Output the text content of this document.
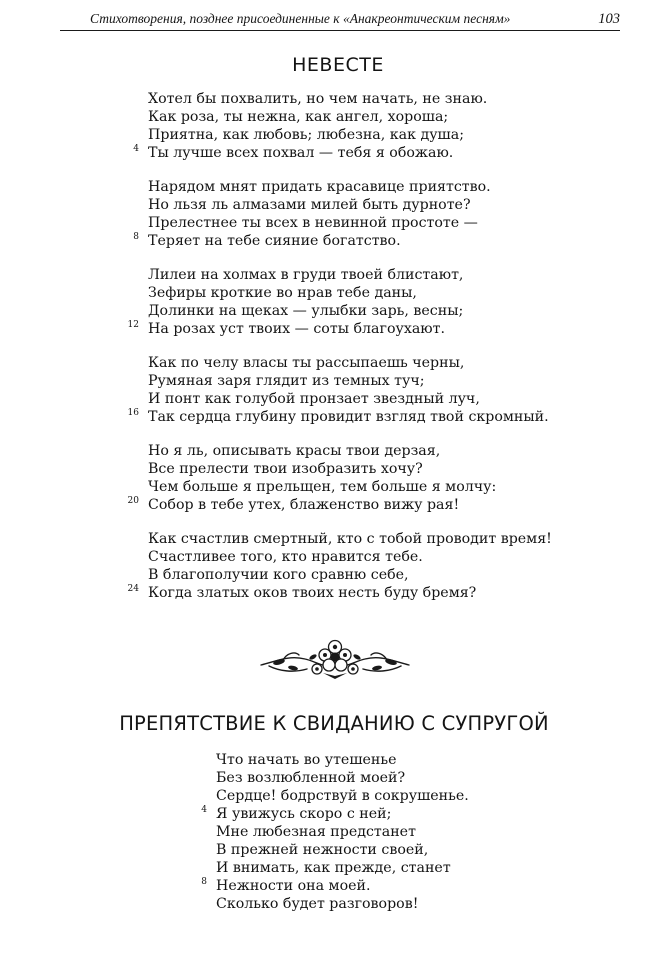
Стихотворения, позднее присоединенные к «Анакреонтическим песням»	103
НЕВЕСТЕ
Хотел бы похвалить, но чем начать, не знаю.
Как роза, ты нежна, как ангел, хороша;
Приятна, как любовь; любезна, как душа;
4 Ты лучше всех похвал — тебя я обожаю.
Нарядом мнят придать красавице приятство.
Но льзя ль алмазами милей быть дурноте?
Прелестнее ты всех в невинной простоте —
8 Теряет на тебе сияние богатство.
Лилеи на холмах в груди твоей блистают,
Зефиры кроткие во нрав тебе даны,
Долинки на щеках — улыбки зарь, весны;
12 На розах уст твоих — соты благоухают.
Как по челу власы ты рассыпаешь черны,
Румяная заря глядит из темных туч;
И понт как голубой пронзает звездный луч,
16 Так сердца глубину провидит взгляд твой скромный.
Но я ль, описывать красы твои дерзая,
Все прелести твои изобразить хочу?
Чем больше я прельщен, тем больше я молчу:
20 Собор в тебе утех, блаженство вижу рая!
Как счастлив смертный, кто с тобой проводит время!
Счастливее того, кто нравится тебе.
В благополучии кого сравню себе,
24 Когда златых оков твоих несть буду бремя?
ПРЕПЯТСТВИЕ К СВИДАНИЮ С СУПРУГОЙ
Что начать во утешенье
Без возлюбленной моей?
Сердце! бодрствуй в сокрушенье.
4 Я увижусь скоро с ней;
Мне любезная предстанет
В прежней нежности своей,
И внимать, как прежде, станет
8 Нежности она моей.
Сколько будет разговоров!
